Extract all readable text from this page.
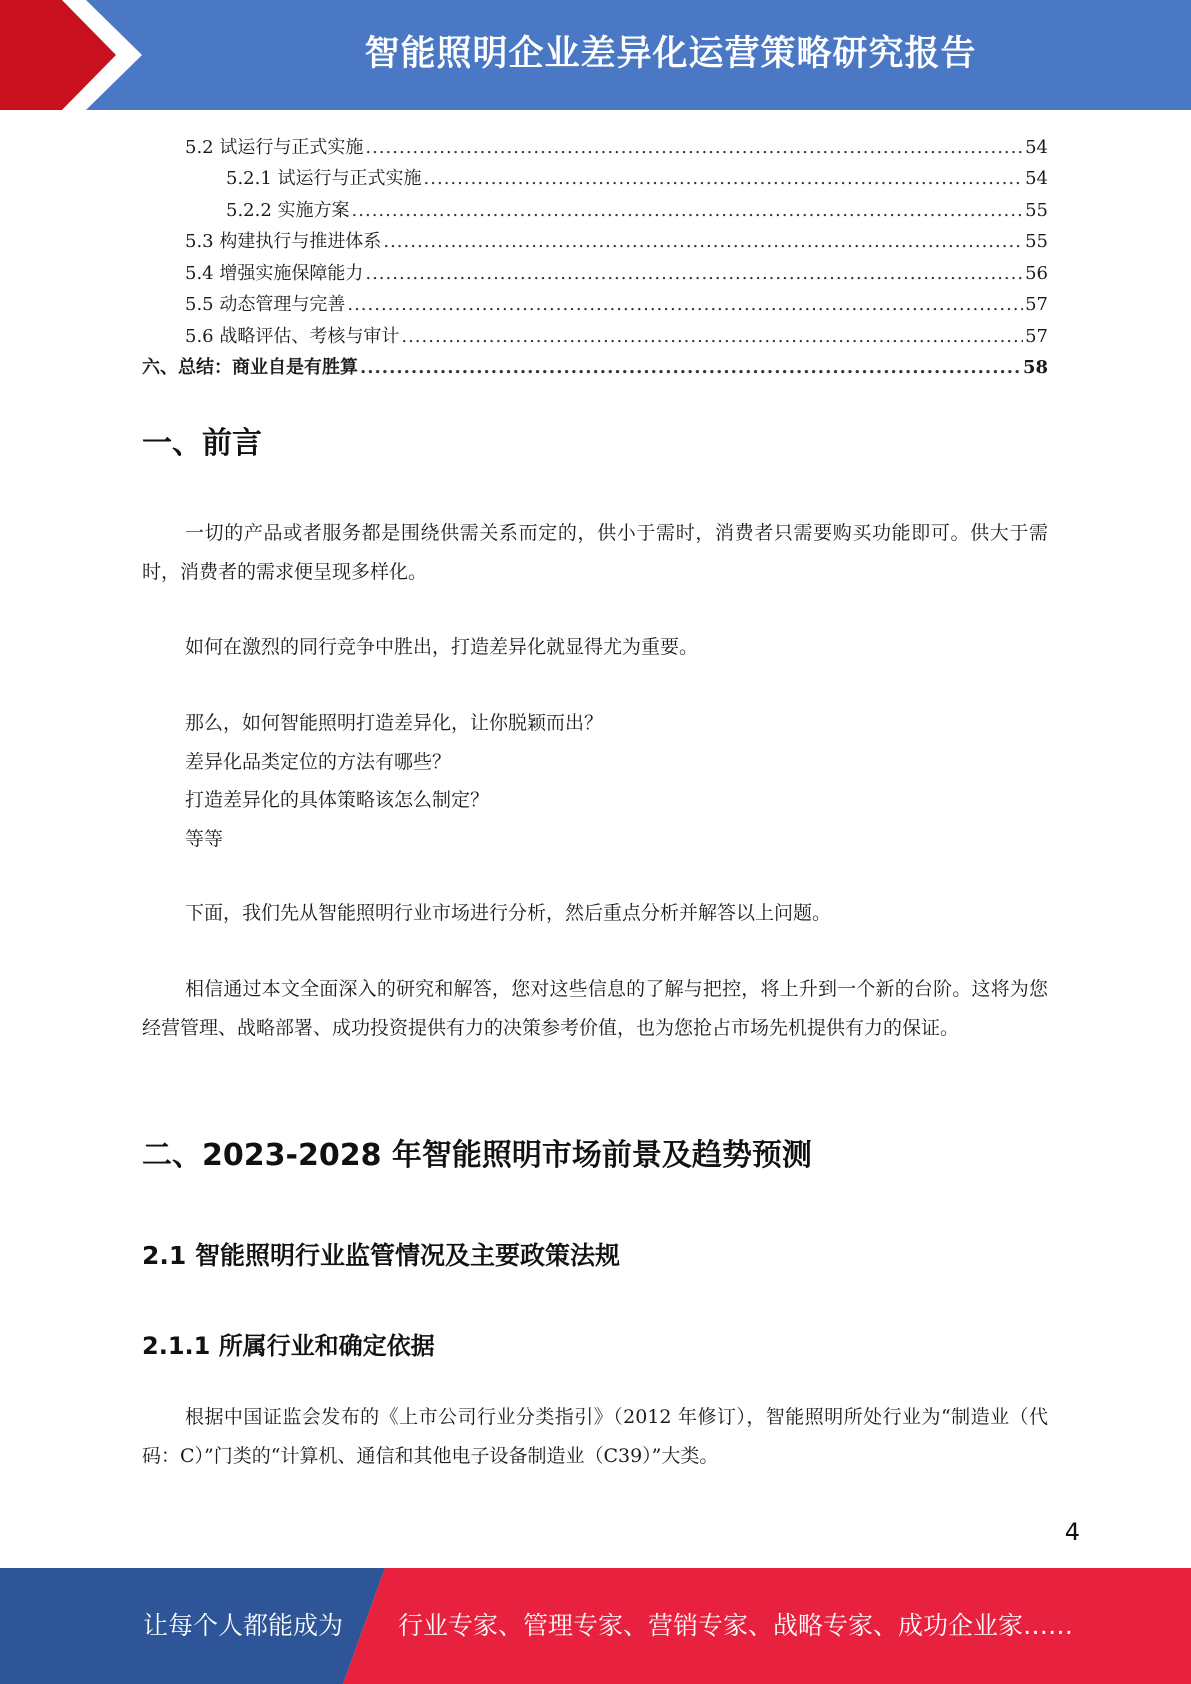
智能照明企业差异化运营策略研究报告
5.2 试运行与正式实施 .....	54
5.2.1 试运行与正式实施 .....	54
5.2.2 实施方案 .....	55
5.3 构建执行与推进体系 .....	55
5.4 增强实施保障能力 .....	56
5.5 动态管理与完善 .....	57
5.6 战略评估、考核与审计 .....	57
六、总结：商业自是有胜算 .....	58
一、前言
一切的产品或者服务都是围绕供需关系而定的，供小于需时，消费者只需要购买功能即可。供大于需时，消费者的需求便呈现多样化。
如何在激烈的同行竞争中胜出，打造差异化就显得尤为重要。
那么，如何智能照明打造差异化，让你脱颖而出？
差异化品类定位的方法有哪些？
打造差异化的具体策略该怎么制定？
等等
下面，我们先从智能照明行业市场进行分析，然后重点分析并解答以上问题。
相信通过本文全面深入的研究和解答，您对这些信息的了解与把控，将上升到一个新的台阶。这将为您经营管理、战略部署、成功投资提供有力的决策参考价值，也为您抢占市场先机提供有力的保证。
二、2023-2028 年智能照明市场前景及趋势预测
2.1 智能照明行业监管情况及主要政策法规
2.1.1 所属行业和确定依据
根据中国证监会发布的《上市公司行业分类指引》（2012 年修订），智能照明所处行业为“制造业（代码：C）”门类的“计算机、通信和其他电子设备制造业（C39）”大类。
4
让每个人都能成为 行业专家、管理专家、营销专家、战略专家、成功企业家……
